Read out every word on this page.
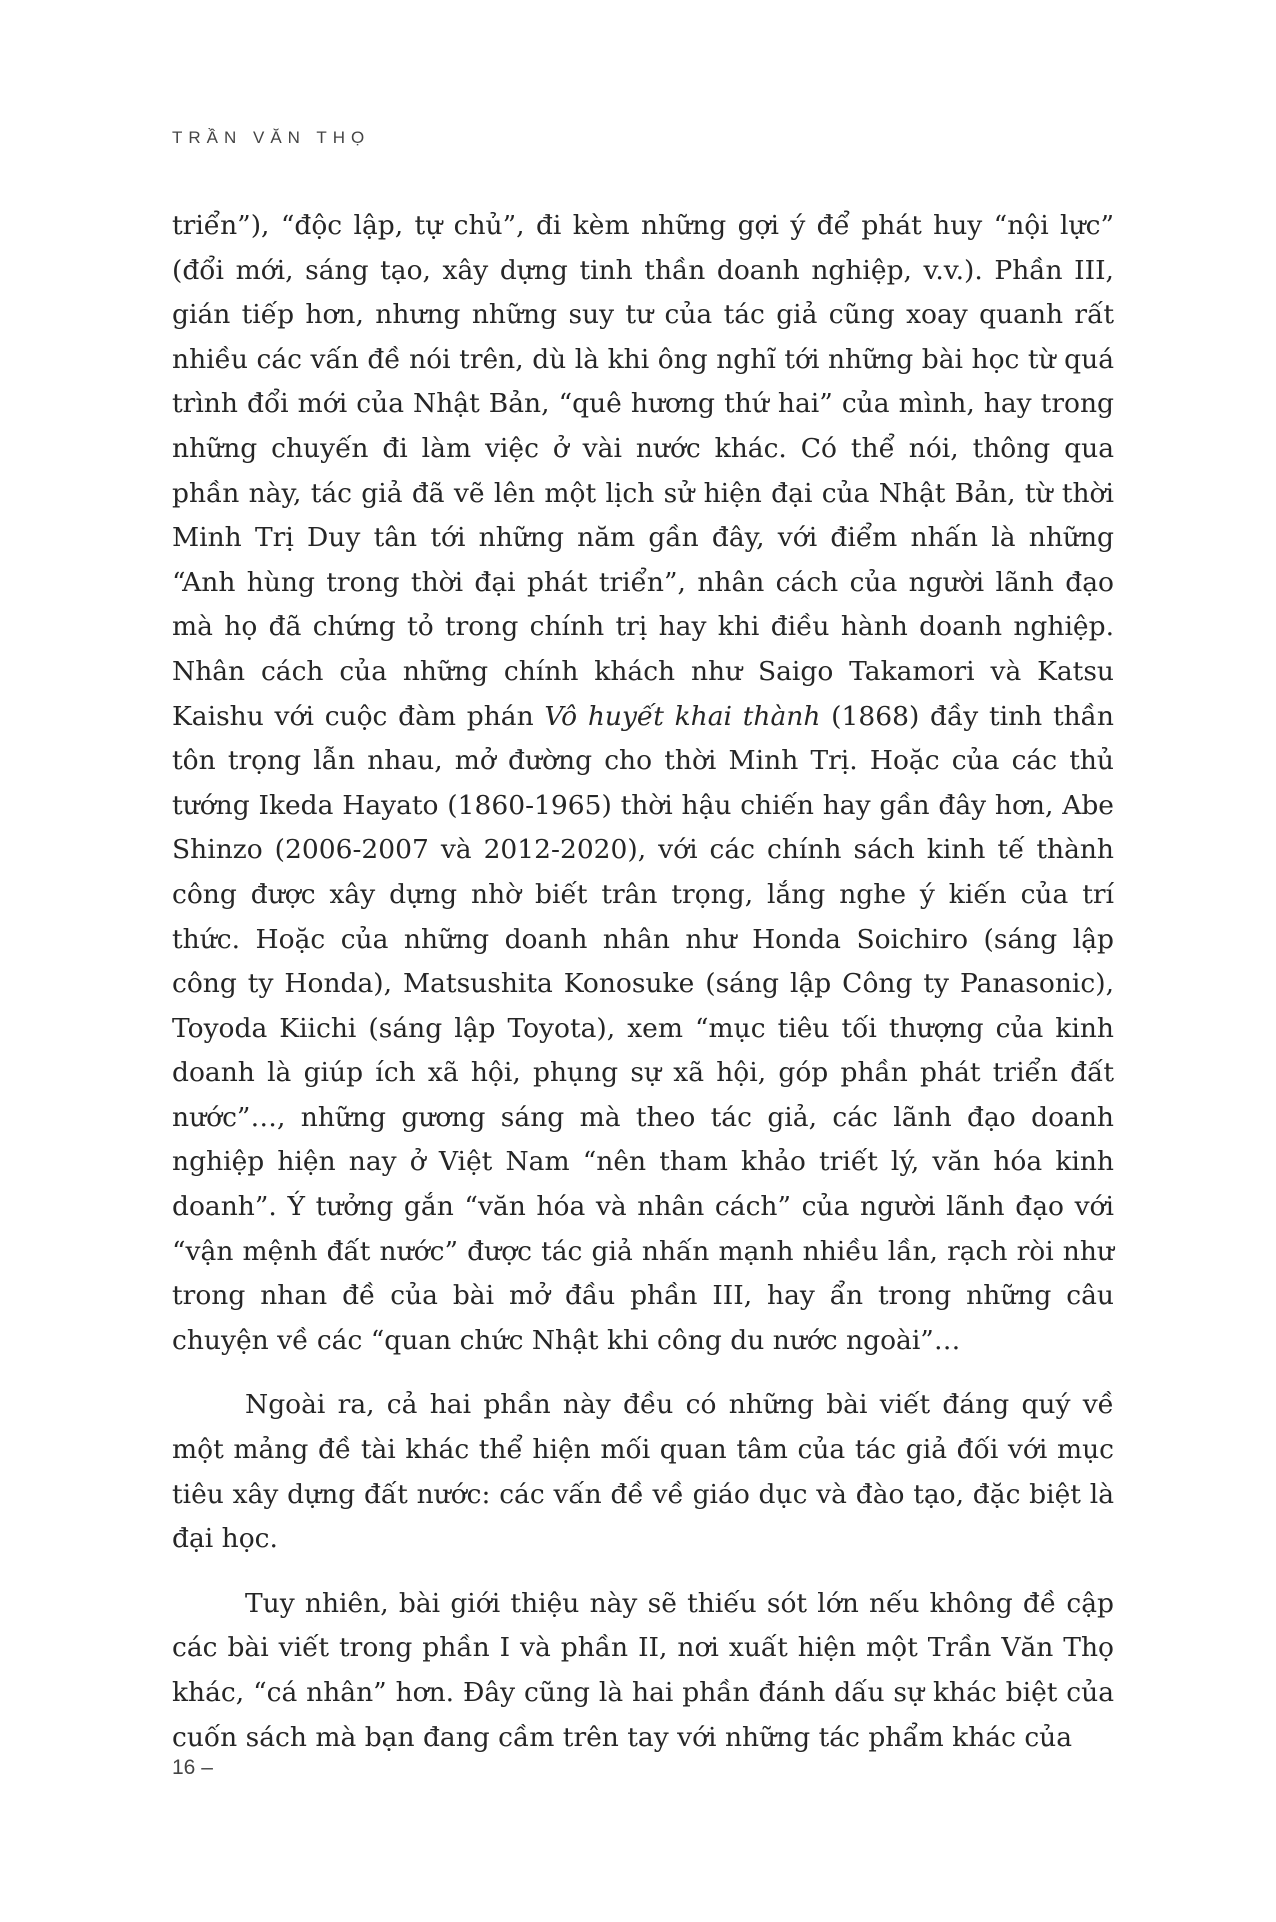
TRẦN VĂN THỌ

triển”), “độc lập, tự chủ”, đi kèm những gợi ý để phát huy “nội lực” (đổi mới, sáng tạo, xây dựng tinh thần doanh nghiệp, v.v.). Phần III, gián tiếp hơn, nhưng những suy tư của tác giả cũng xoay quanh rất nhiều các vấn đề nói trên, dù là khi ông nghĩ tới những bài học từ quá trình đổi mới của Nhật Bản, “quê hương thứ hai” của mình, hay trong những chuyến đi làm việc ở vài nước khác. Có thể nói, thông qua phần này, tác giả đã vẽ lên một lịch sử hiện đại của Nhật Bản, từ thời Minh Trị Duy tân tới những năm gần đây, với điểm nhấn là những “Anh hùng trong thời đại phát triển”, nhân cách của người lãnh đạo mà họ đã chứng tỏ trong chính trị hay khi điều hành doanh nghiệp. Nhân cách của những chính khách như Saigo Takamori và Katsu Kaishu với cuộc đàm phán Vô huyết khai thành (1868) đầy tinh thần tôn trọng lẫn nhau, mở đường cho thời Minh Trị. Hoặc của các thủ tướng Ikeda Hayato (1860-1965) thời hậu chiến hay gần đây hơn, Abe Shinzo (2006-2007 và 2012-2020), với các chính sách kinh tế thành công được xây dựng nhờ biết trân trọng, lắng nghe ý kiến của trí thức. Hoặc của những doanh nhân như Honda Soichiro (sáng lập công ty Honda), Matsushita Konosuke (sáng lập Công ty Panasonic), Toyoda Kiichi (sáng lập Toyota), xem “mục tiêu tối thượng của kinh doanh là giúp ích xã hội, phụng sự xã hội, góp phần phát triển đất nước”…, những gương sáng mà theo tác giả, các lãnh đạo doanh nghiệp hiện nay ở Việt Nam “nên tham khảo triết lý, văn hóa kinh doanh”. Ý tưởng gắn “văn hóa và nhân cách” của người lãnh đạo với “vận mệnh đất nước” được tác giả nhấn mạnh nhiều lần, rạch ròi như trong nhan đề của bài mở đầu phần III, hay ẩn trong những câu chuyện về các “quan chức Nhật khi công du nước ngoài”…

Ngoài ra, cả hai phần này đều có những bài viết đáng quý về một mảng đề tài khác thể hiện mối quan tâm của tác giả đối với mục tiêu xây dựng đất nước: các vấn đề về giáo dục và đào tạo, đặc biệt là đại học.

Tuy nhiên, bài giới thiệu này sẽ thiếu sót lớn nếu không đề cập các bài viết trong phần I và phần II, nơi xuất hiện một Trần Văn Thọ khác, “cá nhân” hơn. Đây cũng là hai phần đánh dấu sự khác biệt của cuốn sách mà bạn đang cầm trên tay với những tác phẩm khác của

16 –
